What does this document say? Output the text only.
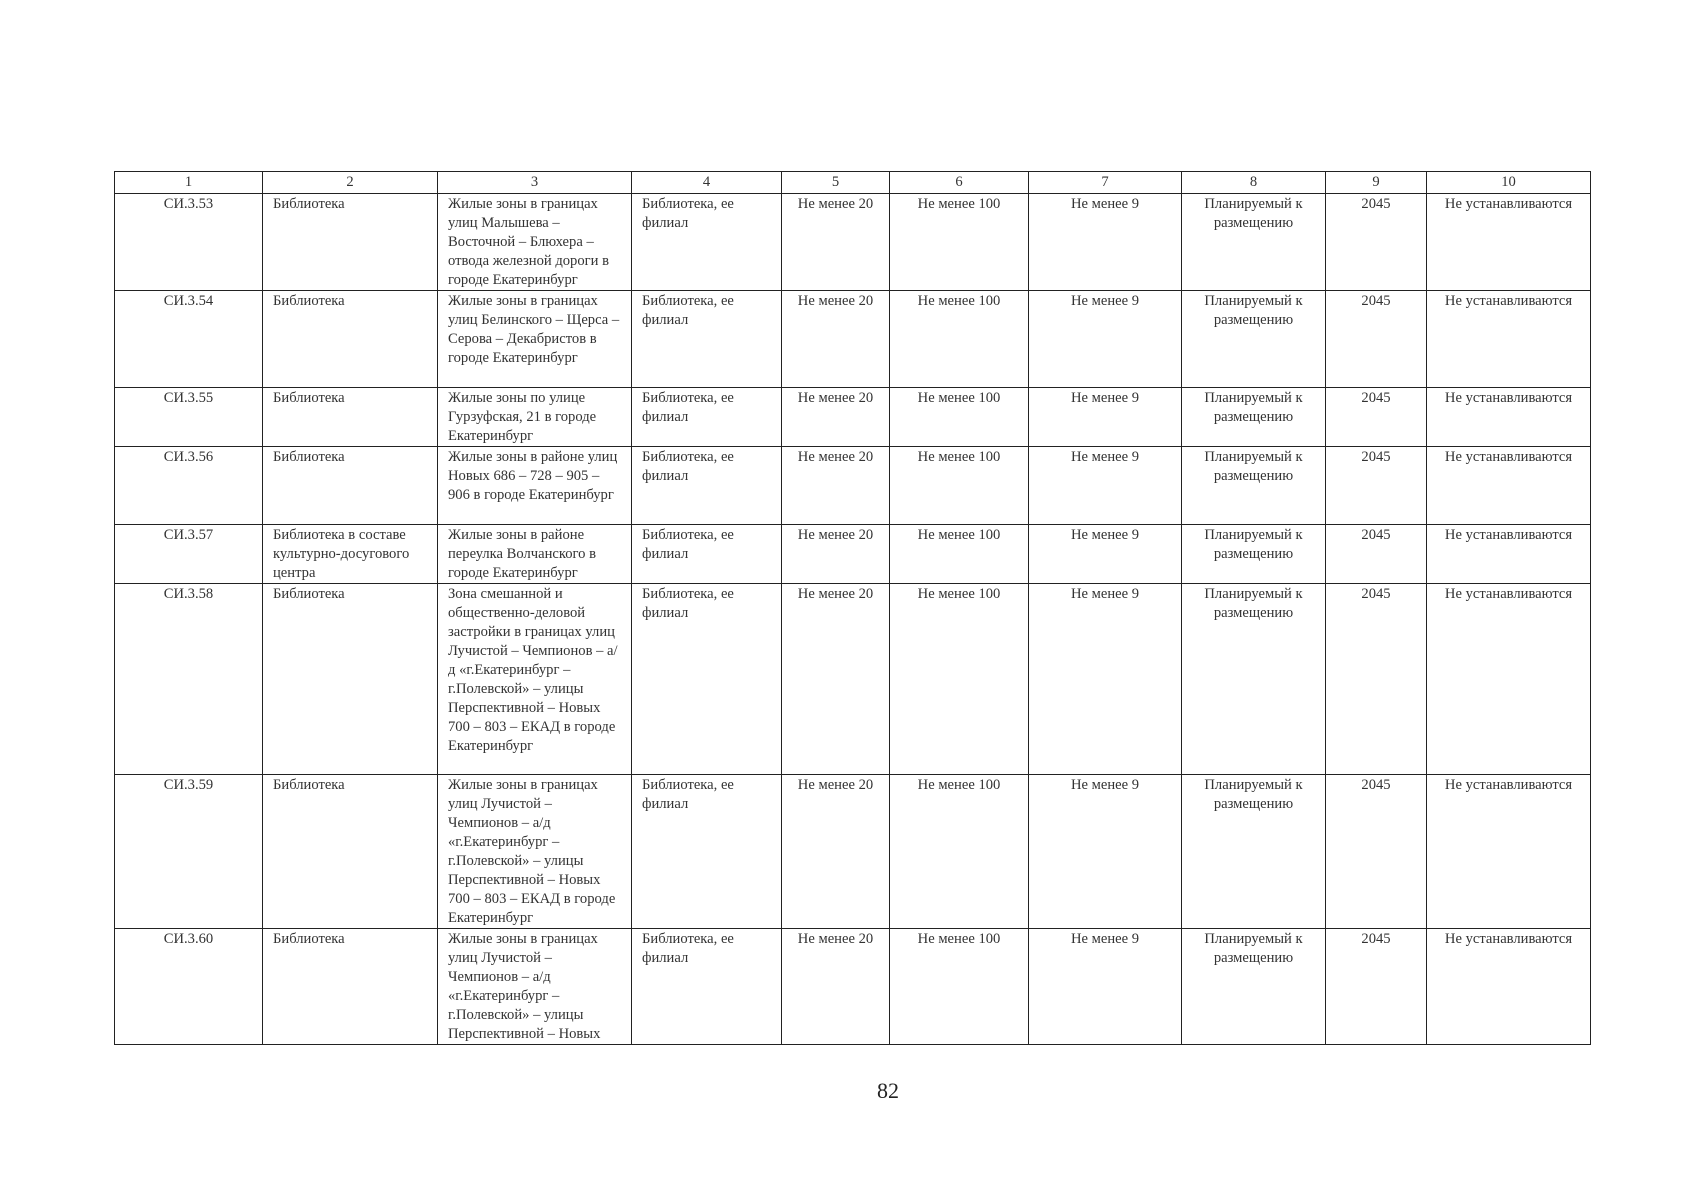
1	2	3	4	5	6	7	8	9	10
СИ.3.53	Библиотека	Жилые зоны в границах улиц Малышева – Восточной – Блюхера – отвода железной дороги в городе Екатеринбург	Библиотека, ее филиал	Не менее 20	Не менее 100	Не менее 9	Планируемый к размещению	2045	Не устанавливаются
СИ.3.54	Библиотека	Жилые зоны в границах улиц Белинского – Щерса – Серова – Декабристов в городе Екатеринбург	Библиотека, ее филиал	Не менее 20	Не менее 100	Не менее 9	Планируемый к размещению	2045	Не устанавливаются
СИ.3.55	Библиотека	Жилые зоны по улице Гурзуфская, 21 в городе Екатеринбург	Библиотека, ее филиал	Не менее 20	Не менее 100	Не менее 9	Планируемый к размещению	2045	Не устанавливаются
СИ.3.56	Библиотека	Жилые зоны в районе улиц Новых 686 – 728 – 905 – 906 в городе Екатеринбург	Библиотека, ее филиал	Не менее 20	Не менее 100	Не менее 9	Планируемый к размещению	2045	Не устанавливаются
СИ.3.57	Библиотека в составе культурно-досугового центра	Жилые зоны в районе переулка Волчанского в городе Екатеринбург	Библиотека, ее филиал	Не менее 20	Не менее 100	Не менее 9	Планируемый к размещению	2045	Не устанавливаются
СИ.3.58	Библиотека	Зона смешанной и общественно-деловой застройки в границах улиц Лучистой – Чемпионов – а/д «г.Екатеринбург – г.Полевской» – улицы Перспективной – Новых 700 – 803 – ЕКАД в городе Екатеринбург	Библиотека, ее филиал	Не менее 20	Не менее 100	Не менее 9	Планируемый к размещению	2045	Не устанавливаются
СИ.3.59	Библиотека	Жилые зоны в границах улиц Лучистой – Чемпионов – а/д «г.Екатеринбург – г.Полевской» – улицы Перспективной – Новых 700 – 803 – ЕКАД в городе Екатеринбург	Библиотека, ее филиал	Не менее 20	Не менее 100	Не менее 9	Планируемый к размещению	2045	Не устанавливаются
СИ.3.60	Библиотека	Жилые зоны в границах улиц Лучистой – Чемпионов – а/д «г.Екатеринбург – г.Полевской» – улицы Перспективной – Новых	Библиотека, ее филиал	Не менее 20	Не менее 100	Не менее 9	Планируемый к размещению	2045	Не устанавливаются
82
